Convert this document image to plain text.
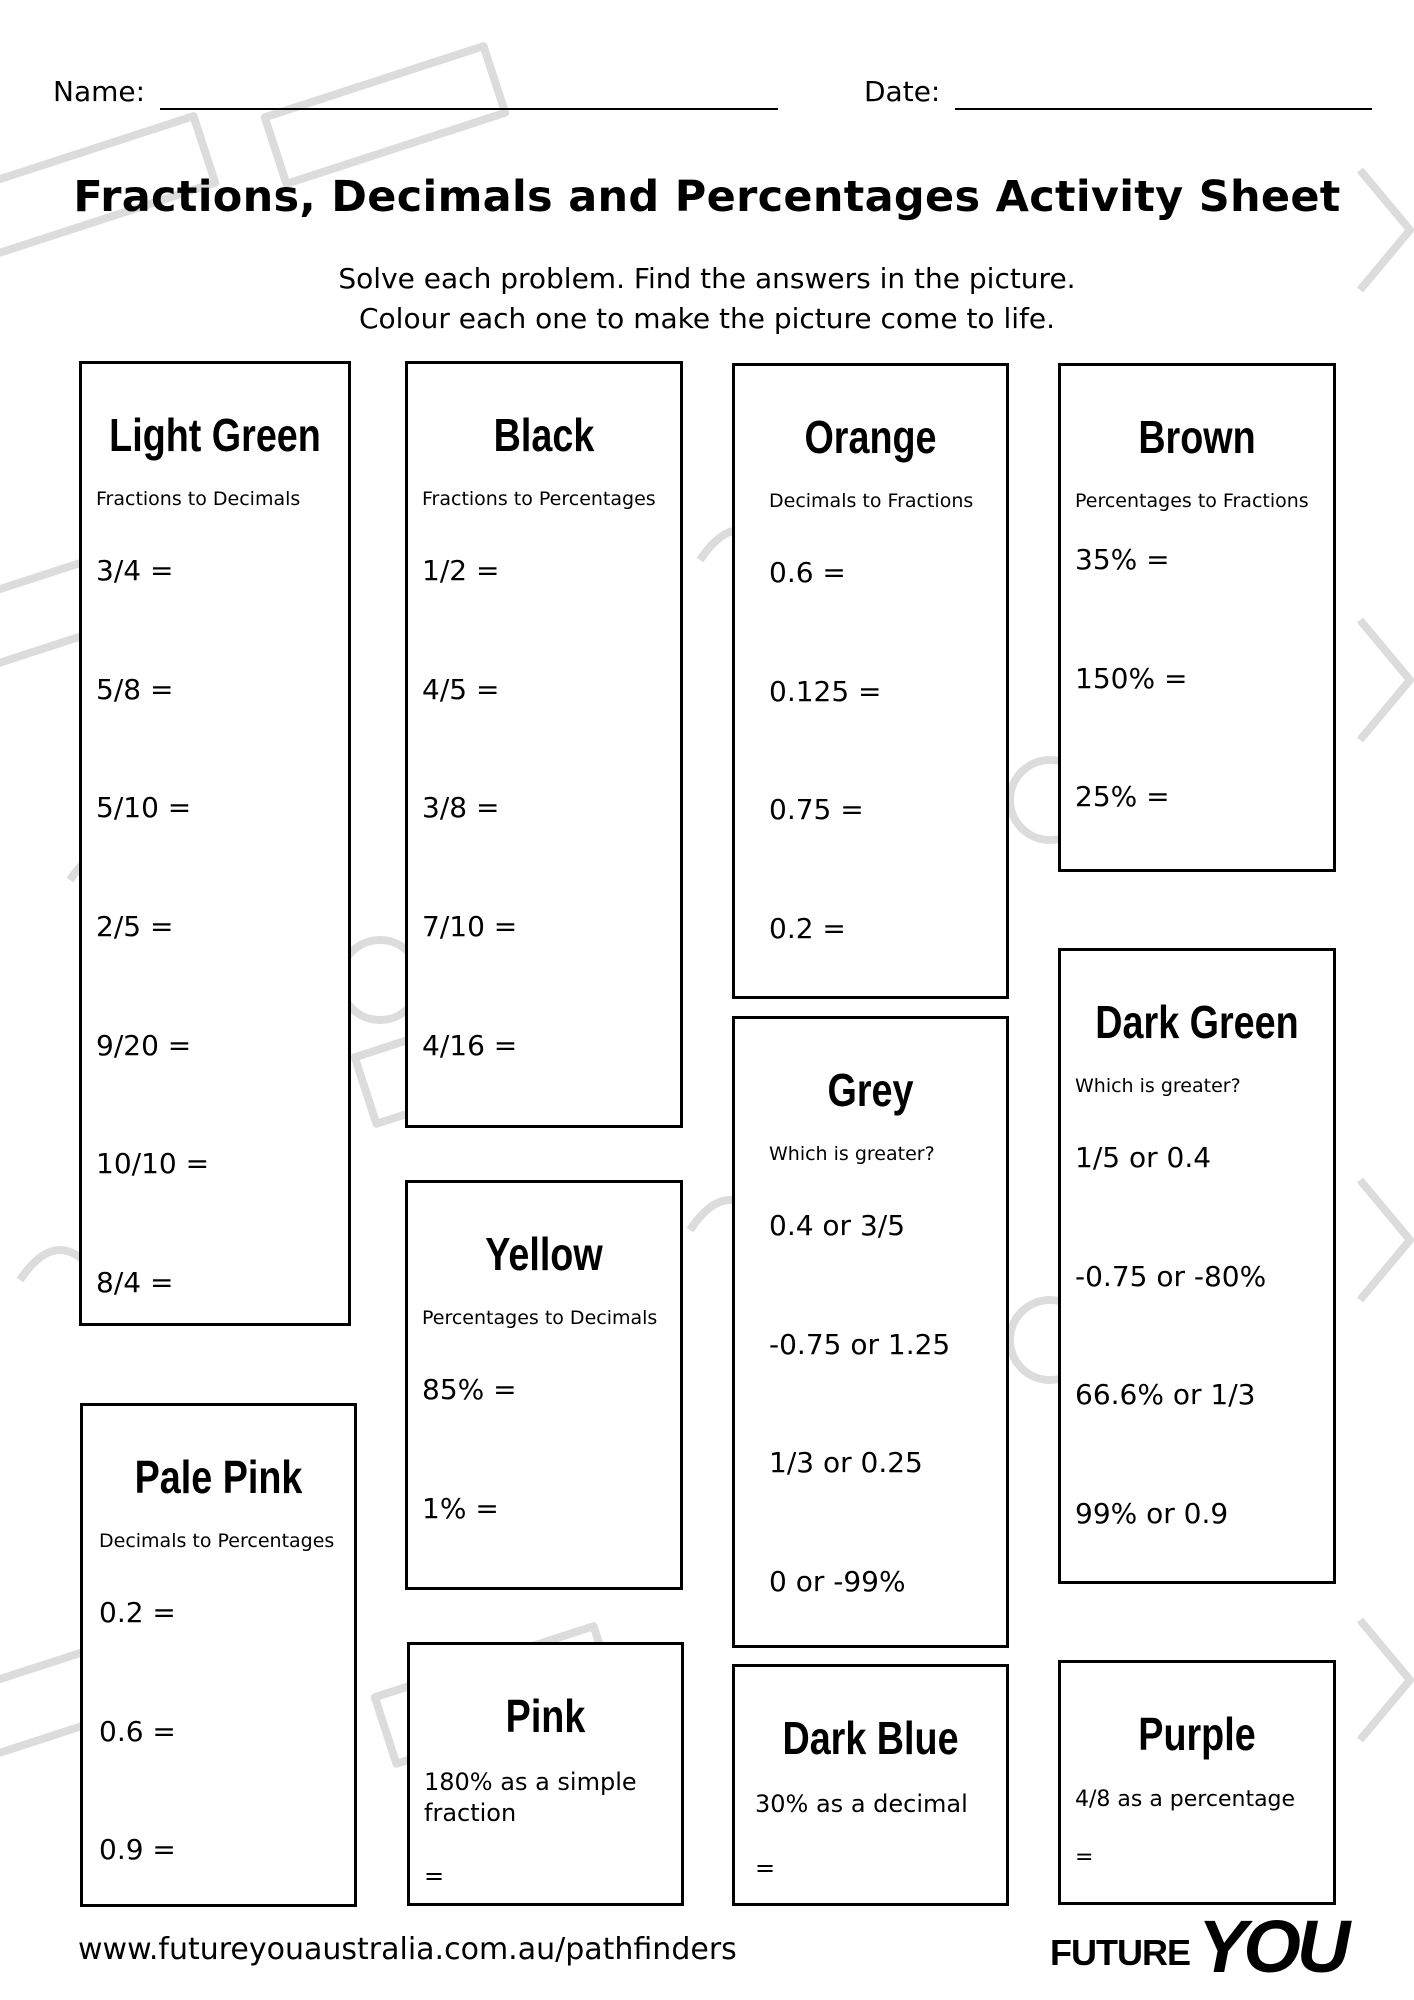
Name:	Date:
Fractions, Decimals and Percentages Activity Sheet
Solve each problem. Find the answers in the picture.
Colour each one to make the picture come to life.
Light Green
Fractions to Decimals
3/4 =
5/8 =
5/10 =
2/5 =
9/20 =
10/10 =
8/4 =
Black
Fractions to Percentages
1/2 =
4/5 =
3/8 =
7/10 =
4/16 =
Orange
Decimals to Fractions
0.6 =
0.125 =
0.75 =
0.2 =
Brown
Percentages to Fractions
35% =
150% =
25% =
Dark Green
Which is greater?
1/5 or 0.4
-0.75 or -80%
66.6% or 1/3
99% or 0.9
Grey
Which is greater?
0.4 or 3/5
-0.75 or 1.25
1/3 or 0.25
0 or -99%
Yellow
Percentages to Decimals
85% =
1% =
Pale Pink
Decimals to Percentages
0.2 =
0.6 =
0.9 =
Pink
180% as a simple
fraction
=
Dark Blue
30% as a decimal
=
Purple
4/8 as a percentage
=
www.futureyouaustralia.com.au/pathfinders	FUTURE YOU
